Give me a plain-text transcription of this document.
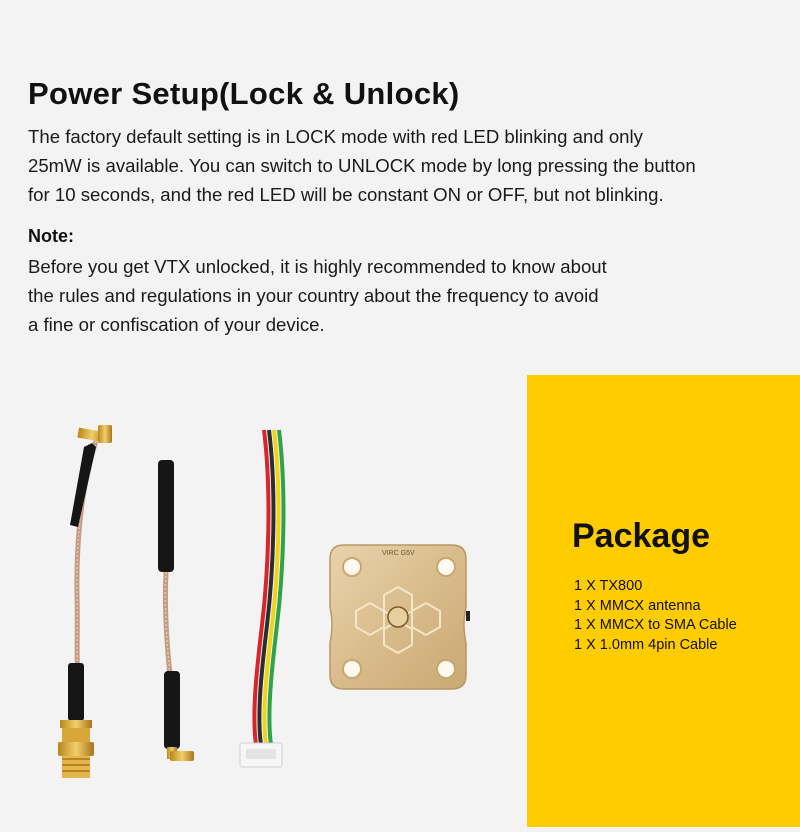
Power Setup(Lock & Unlock)
The factory default setting is in LOCK mode with red LED blinking and only
25mW is available. You can switch to UNLOCK mode by long pressing the button
for 10 seconds, and the red LED will be constant ON or OFF, but not blinking.
Note:
Before you get VTX unlocked, it is highly recommended to know about
the rules and regulations in your country about the frequency to avoid
a fine or confiscation of your device.
VIRC G5V	Package
1 X TX800
1 X MMCX antenna
1 X MMCX to SMA Cable
1 X 1.0mm 4pin Cable
